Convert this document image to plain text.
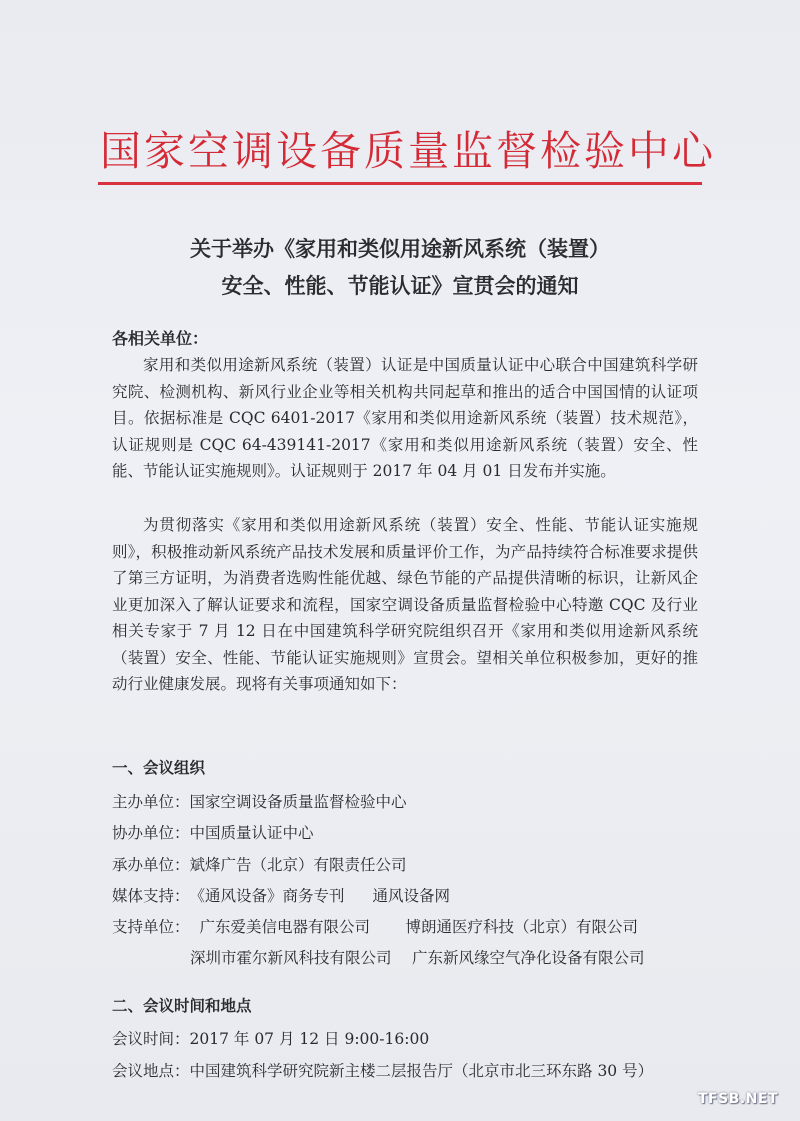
国家空调设备质量监督检验中心
关于举办《家用和类似用途新风系统（装置）
安全、性能、节能认证》宣贯会的通知
各相关单位：
家用和类似用途新风系统（装置）认证是中国质量认证中心联合中国建筑科学研究院、检测机构、新风行业企业等相关机构共同起草和推出的适合中国国情的认证项目。依据标准是 CQC 6401-2017《家用和类似用途新风系统（装置）技术规范》，认证规则是 CQC 64-439141-2017《家用和类似用途新风系统（装置）安全、性能、节能认证实施规则》。认证规则于 2017 年 04 月 01 日发布并实施。
为贯彻落实《家用和类似用途新风系统（装置）安全、性能、节能认证实施规则》，积极推动新风系统产品技术发展和质量评价工作，为产品持续符合标准要求提供了第三方证明，为消费者选购性能优越、绿色节能的产品提供清晰的标识，让新风企业更加深入了解认证要求和流程，国家空调设备质量监督检验中心特邀 CQC 及行业相关专家于 7 月 12 日在中国建筑科学研究院组织召开《家用和类似用途新风系统（装置）安全、性能、节能认证实施规则》宣贯会。望相关单位积极参加，更好的推动行业健康发展。现将有关事项通知如下：
一、会议组织
主办单位：国家空调设备质量监督检验中心
协办单位：中国质量认证中心
承办单位：斌烽广告（北京）有限责任公司
媒体支持：《通风设备》商务专刊 通风设备网
支持单位： 广东爱美信电器有限公司 博朗通医疗科技（北京）有限公司
深圳市霍尔新风科技有限公司 广东新风缘空气净化设备有限公司
二、会议时间和地点
会议时间：2017 年 07 月 12 日 9:00-16:00
会议地点：中国建筑科学研究院新主楼二层报告厅（北京市北三环东路 30 号）
TFSB.NET
